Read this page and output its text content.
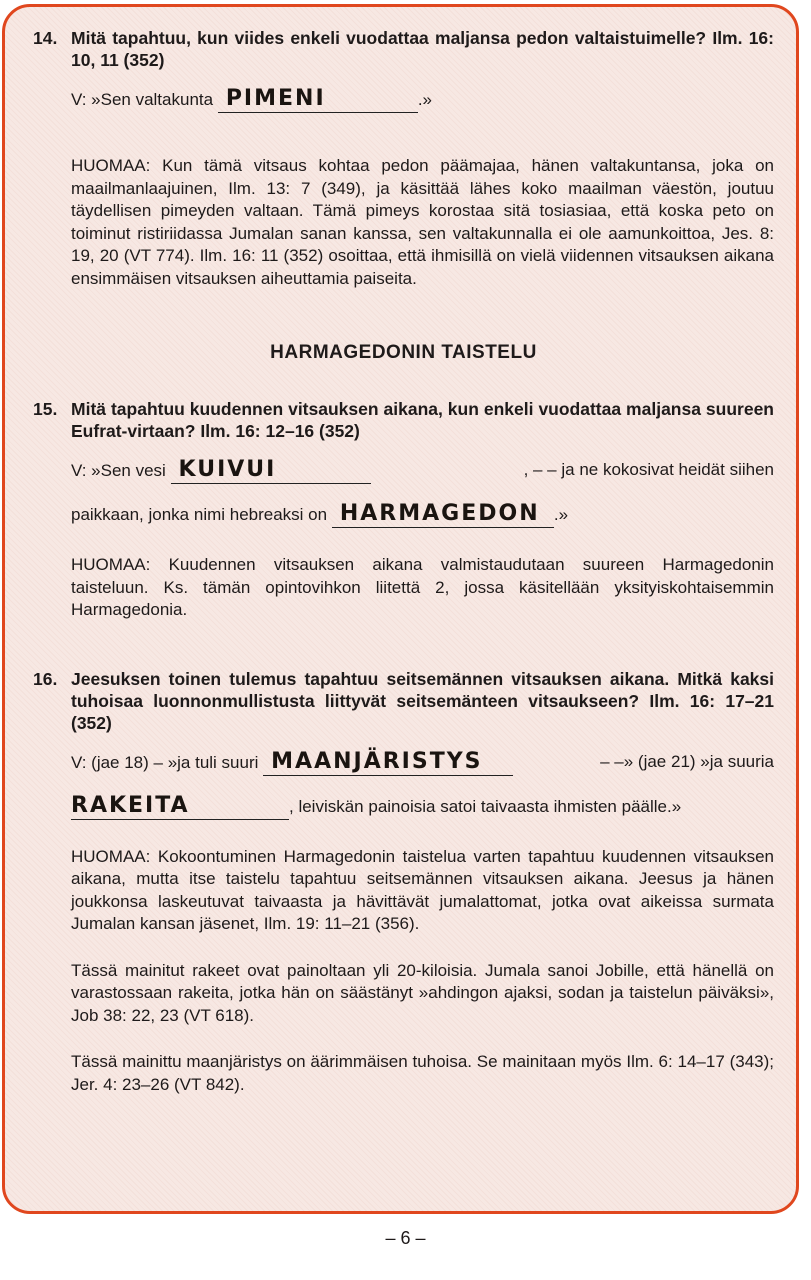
14. Mitä tapahtuu, kun viides enkeli vuodattaa maljansa pedon valtaistuimelle? Ilm. 16: 10, 11 (352)
V: »Sen valtakunta PIMENI	.»

HUOMAA: Kun tämä vitsaus kohtaa pedon päämajaa, hänen valtakuntansa, joka on maailmanlaajuinen, Ilm. 13: 7 (349), ja käsittää lähes koko maailman väestön, joutuu täydellisen pimeyden valtaan. Tämä pimeys korostaa sitä tosiasiaa, että koska peto on toiminut ristiriidassa Jumalan sanan kanssa, sen valtakunnalla ei ole aamunkoittoa, Jes. 8: 19, 20 (VT 774). Ilm. 16: 11 (352) osoittaa, että ihmisillä on vielä viidennen vitsauksen aikana ensimmäisen vitsauksen aiheuttamia paiseita.

HARMAGEDONIN TAISTELU

15. Mitä tapahtuu kuudennen vitsauksen aikana, kun enkeli vuodattaa maljansa suureen Eufrat-virtaan? Ilm. 16: 12–16 (352)
V: »Sen vesi KUIVUI	, – – ja ne kokosivat heidät siihen
paikkaan, jonka nimi hebreaksi on HARMAGEDON .»

HUOMAA: Kuudennen vitsauksen aikana valmistaudutaan suureen Harmagedonin taisteluun. Ks. tämän opintovihkon liitettä 2, jossa käsitellään yksityiskohtaisemmin Harmagedonia.

16. Jeesuksen toinen tulemus tapahtuu seitsemännen vitsauksen aikana. Mitkä kaksi tuhoisaa luonnonmullistusta liittyvät seitsemänteen vitsaukseen? Ilm. 16: 17–21 (352)
V: (jae 18) – »ja tuli suuri MAANJÄRISTYS	– –» (jae 21) »ja suuria
RAKEITA	, leiviskän painoisia satoi taivaasta ihmisten päälle.»

HUOMAA: Kokoontuminen Harmagedonin taistelua varten tapahtuu kuudennen vitsauksen aikana, mutta itse taistelu tapahtuu seitsemännen vitsauksen aikana. Jeesus ja hänen joukkonsa laskeutuvat taivaasta ja hävittävät jumalattomat, jotka ovat aikeissa surmata Jumalan kansan jäsenet, Ilm. 19: 11–21 (356).

Tässä mainitut rakeet ovat painoltaan yli 20-kiloisia. Jumala sanoi Jobille, että hänellä on varastossaan rakeita, jotka hän on säästänyt »ahdingon ajaksi, sodan ja taistelun päiväksi», Job 38: 22, 23 (VT 618).

Tässä mainittu maanjäristys on äärimmäisen tuhoisa. Se mainitaan myös Ilm. 6: 14–17 (343); Jer. 4: 23–26 (VT 842).

– 6 –
